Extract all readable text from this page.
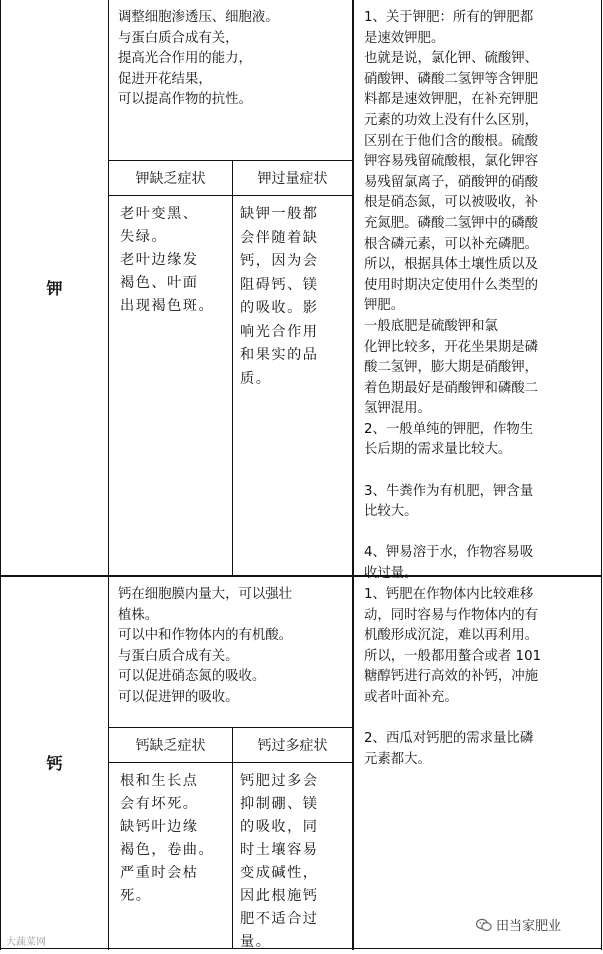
钾
调整细胞渗透压、细胞液。
与蛋白质合成有关，
提高光合作用的能力，
促进开花结果，
可以提高作物的抗性。
钾缺乏症状	钾过量症状
老叶变黑、
失绿。
老叶边缘发
褐色、叶面
出现褐色斑。
缺钾一般都
会伴随着缺
钙，因为会
阻碍钙、镁
的吸收。影
响光合作用
和果实的品
质。
1、关于钾肥：所有的钾肥都
是速效钾肥。
也就是说，氯化钾、硫酸钾、
硝酸钾、磷酸二氢钾等含钾肥
料都是速效钾肥，在补充钾肥
元素的功效上没有什么区别，
区别在于他们含的酸根。硫酸
钾容易残留硫酸根，氯化钾容
易残留氯离子，硝酸钾的硝酸
根是硝态氮，可以被吸收，补
充氮肥。磷酸二氢钾中的磷酸
根含磷元素，可以补充磷肥。
所以，根据具体土壤性质以及
使用时期决定使用什么类型的
钾肥。
一般底肥是硫酸钾和氯
化钾比较多，开花坐果期是磷
酸二氢钾，膨大期是硝酸钾，
着色期最好是硝酸钾和磷酸二
氢钾混用。
2、一般单纯的钾肥，作物生
长后期的需求量比较大。

3、牛粪作为有机肥，钾含量
比较大。

4、钾易溶于水，作物容易吸
收过量。
钙
钙在细胞膜内量大，可以强壮
植株。
可以中和作物体内的有机酸。
与蛋白质合成有关。
可以促进硝态氮的吸收。
可以促进钾的吸收。
钙缺乏症状	钙过多症状
根和生长点
会有坏死。
缺钙叶边缘
褐色，卷曲。
严重时会枯
死。
钙肥过多会
抑制硼、镁
的吸收，同
时土壤容易
变成碱性，
因此根施钙
肥不适合过
量。
1、钙肥在作物体内比较难移
动，同时容易与作物体内的有
机酸形成沉淀，难以再利用。
所以，一般都用螯合或者 101
糖醇钙进行高效的补钙，冲施
或者叶面补充。

2、西瓜对钙肥的需求量比磷
元素都大。
田当家肥业
大蔬菜网
